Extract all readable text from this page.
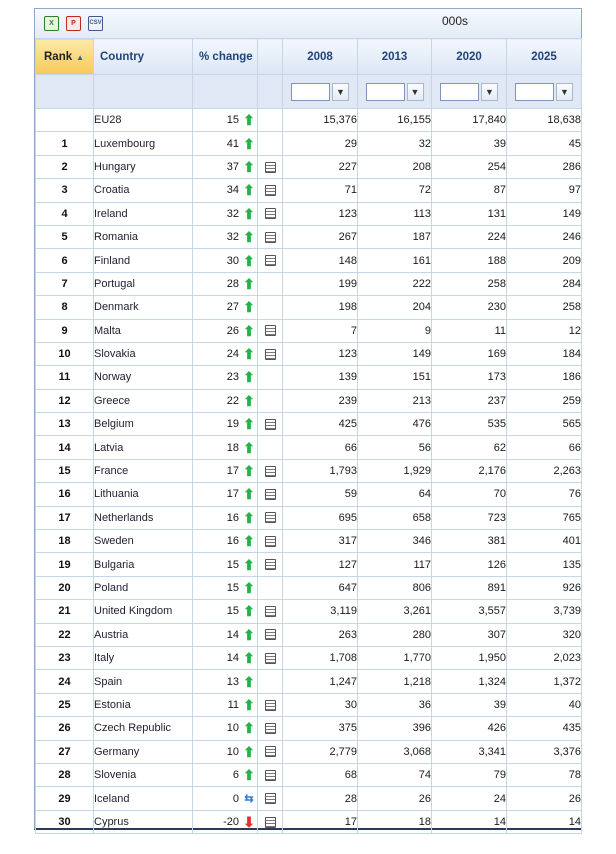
X	P	CSV	000s
Rank ▲	Country	% change		2008	2013	2020	2025
				▼	▼	▼	▼
	EU28	15 ⬆		15,376	16,155	17,840	18,638
1	Luxembourg	41 ⬆		29	32	39	45
2	Hungary	37 ⬆		227	208	254	286
3	Croatia	34 ⬆		71	72	87	97
4	Ireland	32 ⬆		123	113	131	149
5	Romania	32 ⬆		267	187	224	246
6	Finland	30 ⬆		148	161	188	209
7	Portugal	28 ⬆		199	222	258	284
8	Denmark	27 ⬆		198	204	230	258
9	Malta	26 ⬆		7	9	11	12
10	Slovakia	24 ⬆		123	149	169	184
11	Norway	23 ⬆		139	151	173	186
12	Greece	22 ⬆		239	213	237	259
13	Belgium	19 ⬆		425	476	535	565
14	Latvia	18 ⬆		66	56	62	66
15	France	17 ⬆		1,793	1,929	2,176	2,263
16	Lithuania	17 ⬆		59	64	70	76
17	Netherlands	16 ⬆		695	658	723	765
18	Sweden	16 ⬆		317	346	381	401
19	Bulgaria	15 ⬆		127	117	126	135
20	Poland	15 ⬆		647	806	891	926
21	United Kingdom	15 ⬆		3,119	3,261	3,557	3,739
22	Austria	14 ⬆		263	280	307	320
23	Italy	14 ⬆		1,708	1,770	1,950	2,023
24	Spain	13 ⬆		1,247	1,218	1,324	1,372
25	Estonia	11 ⬆		30	36	39	40
26	Czech Republic	10 ⬆		375	396	426	435
27	Germany	10 ⬆		2,779	3,068	3,341	3,376
28	Slovenia	6 ⬆		68	74	79	78
29	Iceland	0 ⇆		28	26	24	26
30	Cyprus	-20 ⬇		17	18	14	14
